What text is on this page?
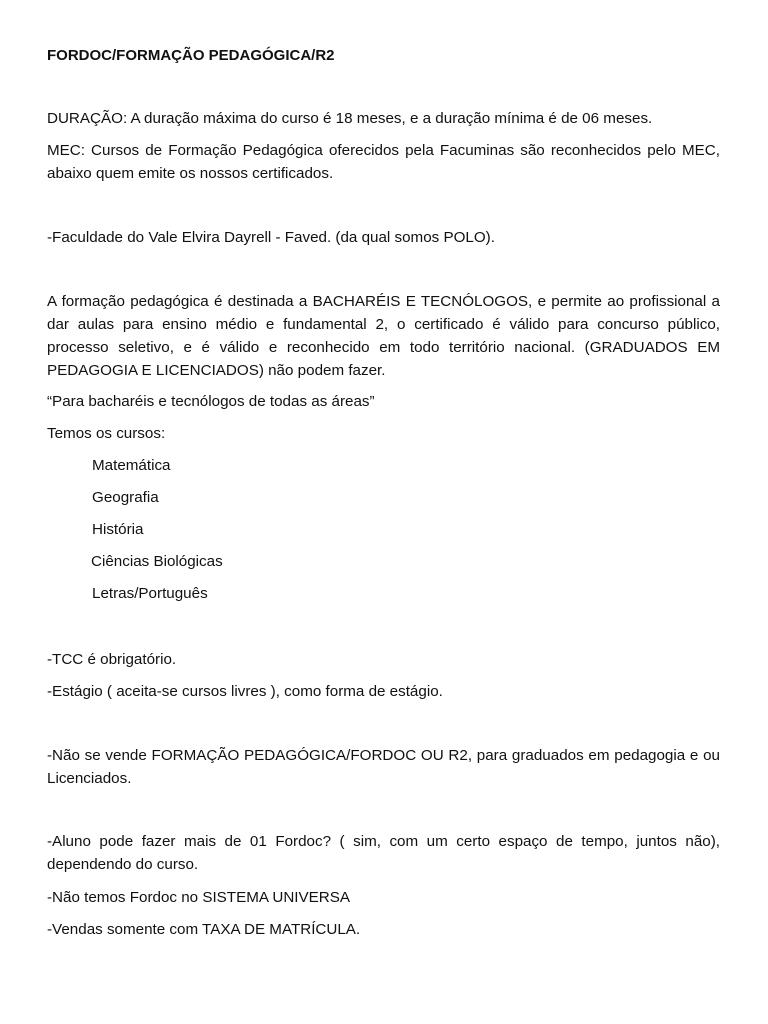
FORDOC/FORMAÇÃO PEDAGÓGICA/R2
DURAÇÃO: A duração máxima do curso é 18 meses, e a duração mínima é de 06 meses.
MEC: Cursos de Formação Pedagógica oferecidos pela Facuminas são reconhecidos pelo MEC, abaixo quem emite os nossos certificados.
-Faculdade do Vale Elvira Dayrell - Faved. (da qual somos POLO).
A formação pedagógica é destinada a BACHARÉIS E TECNÓLOGOS, e permite ao profissional a dar aulas para ensino médio e fundamental 2, o certificado é válido para concurso público, processo seletivo, e é válido e reconhecido em todo território nacional. (GRADUADOS EM PEDAGOGIA E LICENCIADOS) não podem fazer.
“Para bacharéis e tecnólogos de todas as áreas”
Temos os cursos:
Matemática
Geografia
História
Ciências Biológicas
Letras/Português
-TCC é obrigatório.
-Estágio ( aceita-se cursos livres ), como forma de estágio.
-Não se vende FORMAÇÃO PEDAGÓGICA/FORDOC OU R2, para graduados em pedagogia e ou Licenciados.
-Aluno pode fazer mais de 01 Fordoc? ( sim, com um certo espaço de tempo, juntos não), dependendo do curso.
-Não temos Fordoc no SISTEMA UNIVERSA
-Vendas somente com TAXA DE MATRÍCULA.
